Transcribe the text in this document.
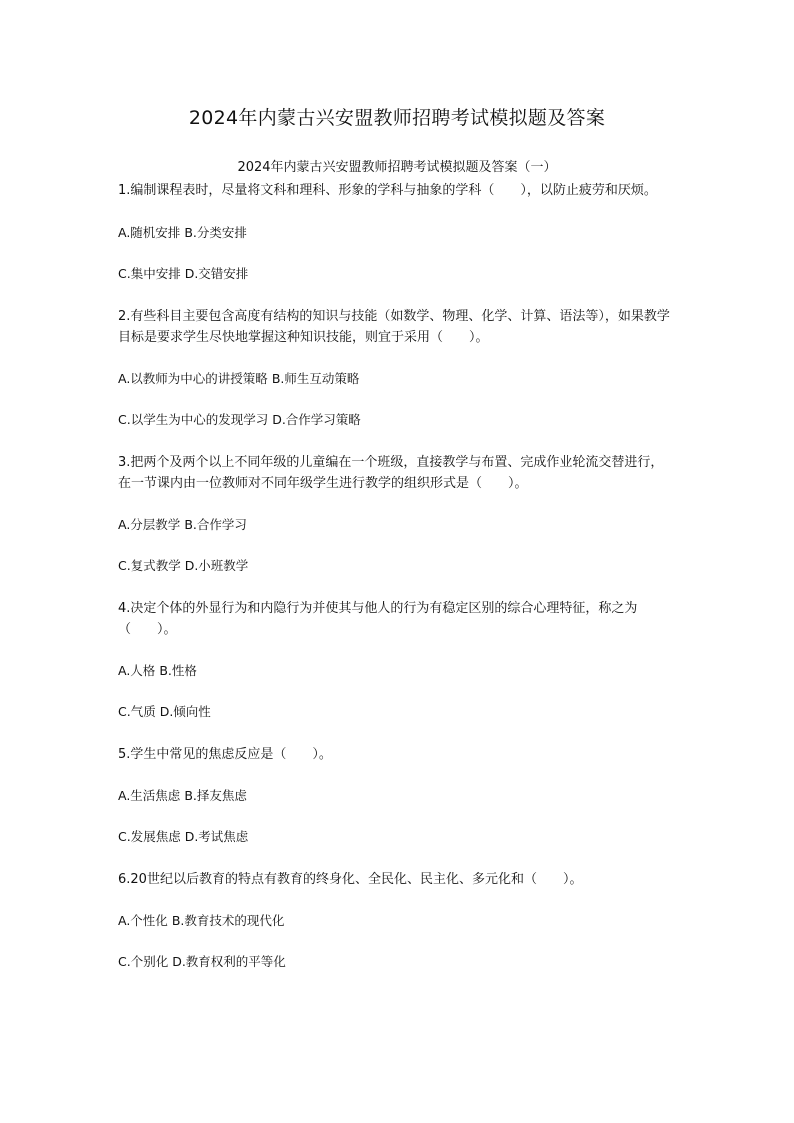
2024年内蒙古兴安盟教师招聘考试模拟题及答案
2024年内蒙古兴安盟教师招聘考试模拟题及答案（一）

1.编制课程表时，尽量将文科和理科、形象的学科与抽象的学科（　　），以防止疲劳和厌烦。

A.随机安排 B.分类安排

C.集中安排 D.交错安排

2.有些科目主要包含高度有结构的知识与技能（如数学、物理、化学、计算、语法等），如果教学目标是要求学生尽快地掌握这种知识技能，则宜于采用（　　）。

A.以教师为中心的讲授策略 B.师生互动策略

C.以学生为中心的发现学习 D.合作学习策略

3.把两个及两个以上不同年级的儿童编在一个班级，直接教学与布置、完成作业轮流交替进行，在一节课内由一位教师对不同年级学生进行教学的组织形式是（　　）。

A.分层教学 B.合作学习

C.复式教学 D.小班教学

4.决定个体的外显行为和内隐行为并使其与他人的行为有稳定区别的综合心理特征，称之为（　　）。

A.人格 B.性格

C.气质 D.倾向性

5.学生中常见的焦虑反应是（　　）。

A.生活焦虑 B.择友焦虑

C.发展焦虑 D.考试焦虑

6.20世纪以后教育的特点有教育的终身化、全民化、民主化、多元化和（　　）。

A.个性化 B.教育技术的现代化

C.个别化 D.教育权利的平等化
